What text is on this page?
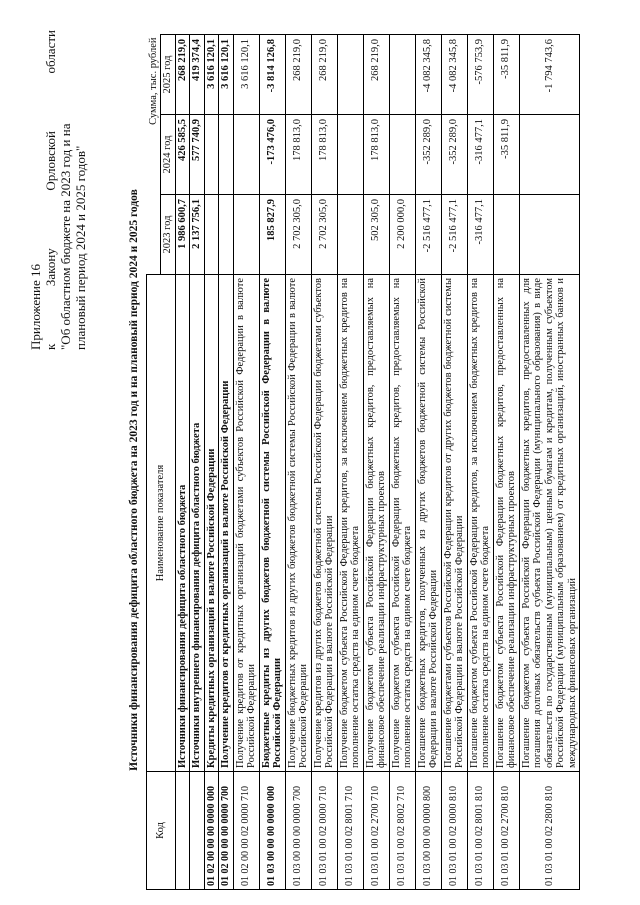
Приложение 16 к
Закону
Орловской
области
"Об областном бюджете на 2023 год и на плановый период 2024 и 2025 годов"	Источники финансирования дефицита областного бюджета на 2023 год и на плановый период 2024 и 2025 годов
Код	Наименование показателя	Сумма, тыс. рублей		
		2023 год	2024 год	2025 год
	Источники финансирования дефицита областного бюджета	1 986 600,7	426 585,5	268 219,0
	Источники внутреннего финансирования дефицита областного бюджета	2 137 756,1	577 740,9	419 374,4
01 02 00 00 00 0000 000	Кредиты кредитных организаций в валюте Российской Федерации			3 616 120,1
01 02 00 00 00 0000 700	Получение кредитов от кредитных организаций в валюте Российской Федерации			3 616 120,1
01 02 00 00 02 0000 710	Получение кредитов от кредитных организаций бюджетами субъектов Российской Федерации в валюте Российской Федерации			3 616 120,1
01 03 00 00 00 0000 000	Бюджетные кредиты из других бюджетов бюджетной системы Российской Федерации в валюте Российской Федерации	185 827,9	-173 476,0	-3 814 126,8
01 03 00 00 00 0000 700	Получение бюджетных кредитов из других бюджетов бюджетной системы Российской Федерации в валюте Российской Федерации	2 702 305,0	178 813,0	268 219,0
01 03 01 00 02 0000 710	Получение кредитов из других бюджетов бюджетной системы Российской Федерации бюджетами субъектов Российской Федерации в валюте Российской Федерации	2 702 305,0	178 813,0	268 219,0
01 03 01 00 02 8001 710	Получение бюджетом субъекта Российской Федерации кредитов, за исключением бюджетных кредитов на пополнение остатка средств на едином счете бюджета			
01 03 01 00 02 2700 710	Получение бюджетом субъекта Российской Федерации бюджетных кредитов, предоставляемых на финансовое обеспечение реализации инфраструктурных проектов	502 305,0	178 813,0	268 219,0
01 03 01 00 02 8002 710	Получение бюджетом субъекта Российской Федерации бюджетных кредитов, предоставляемых на пополнение остатка средств на едином счете бюджета	2 200 000,0		
01 03 00 00 00 0000 800	Погашение бюджетных кредитов, полученных из других бюджетов бюджетной системы Российской Федерации в валюте Российской Федерации	-2 516 477,1	-352 289,0	-4 082 345,8
01 03 01 00 02 0000 810	Погашение бюджетами субъектов Российской Федерации кредитов от других бюджетов бюджетной системы Российской Федерации в валюте Российской Федерации	-2 516 477,1	-352 289,0	-4 082 345,8
01 03 01 00 02 8001 810	Погашение бюджетом субъекта Российской Федерации кредитов, за исключением бюджетных кредитов на пополнение остатка средств на едином счете бюджета	-316 477,1	-316 477,1	-576 753,9
01 03 01 00 02 2700 810	Погашение бюджетом субъекта Российской Федерации бюджетных кредитов, предоставленных на финансовое обеспечение реализации инфраструктурных проектов		-35 811,9	-35 811,9
01 03 01 00 02 2800 810	Погашение бюджетом субъекта Российской Федерации бюджетных кредитов, предоставленных для погашения долговых обязательств субъекта Российской Федерации (муниципального образования) в виде обязательств по государственным (муниципальным) ценным бумагам и кредитам, полученным субъектом Российской Федерации (муниципальным образованием) от кредитных организаций, иностранных банков и международных финансовых организаций			-1 794 743,6
